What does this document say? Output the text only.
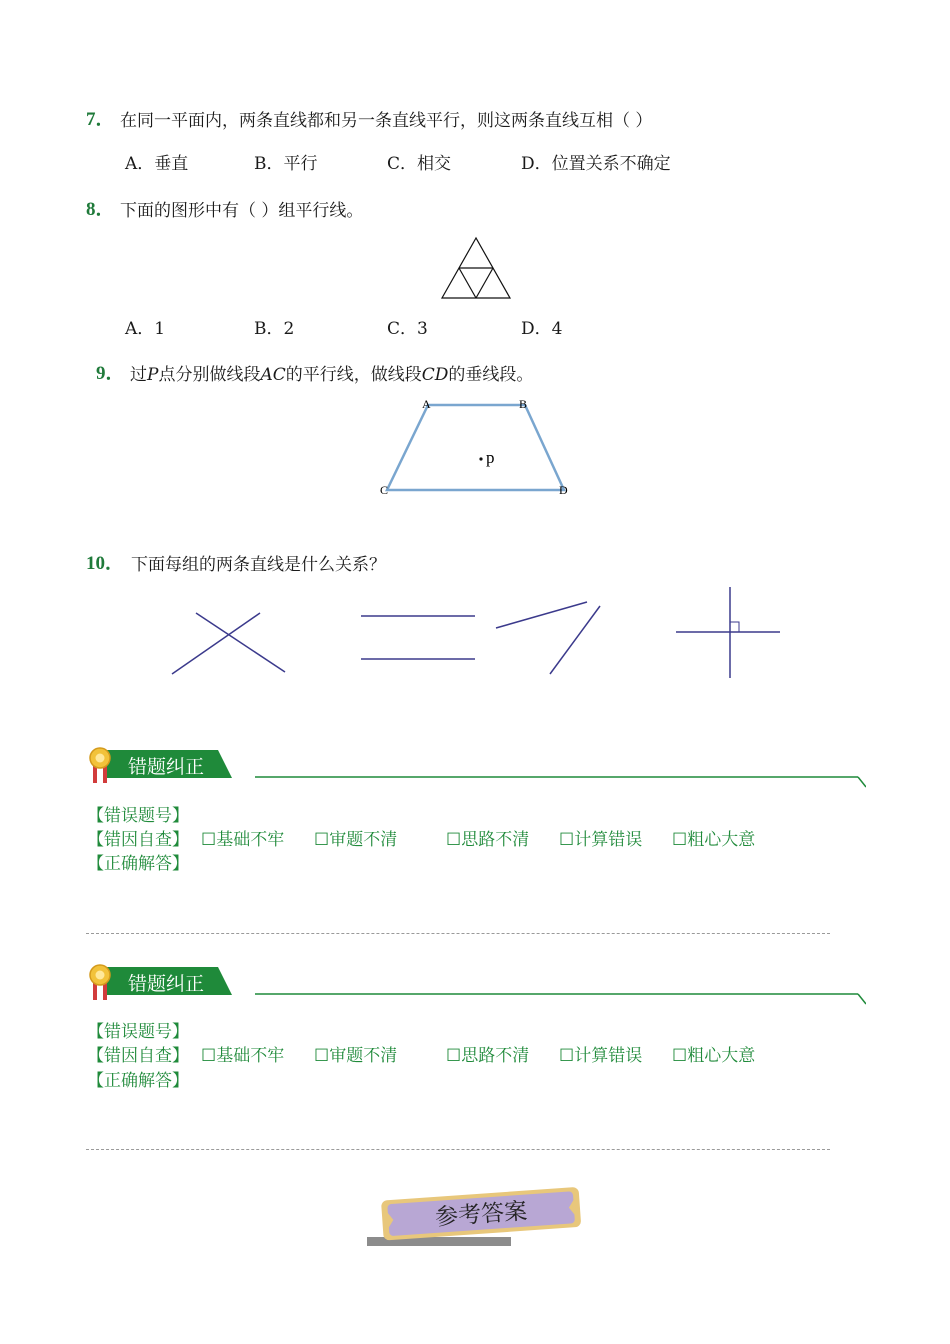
7． 在同一平面内，两条直线都和另一条直线平行，则这两条直线互相（ ）
A．垂直	B．平行	C．相交	D．位置关系不确定
8． 下面的图形中有（ ）组平行线。
A．1	B．2	C．3	D．4
9． 过P点分别做线段AC的平行线，做线段CD的垂线段。
A	B
C	D
p
10． 下面每组的两条直线是什么关系？
错题纠正
【错误题号】
【错因自查】 ☐基础不牢 ☐审题不清	☐思路不清 ☐计算错误 ☐粗心大意
【正确解答】
错题纠正
【错误题号】
【错因自查】 ☐基础不牢 ☐审题不清	☐思路不清 ☐计算错误 ☐粗心大意
【正确解答】
参考答案
